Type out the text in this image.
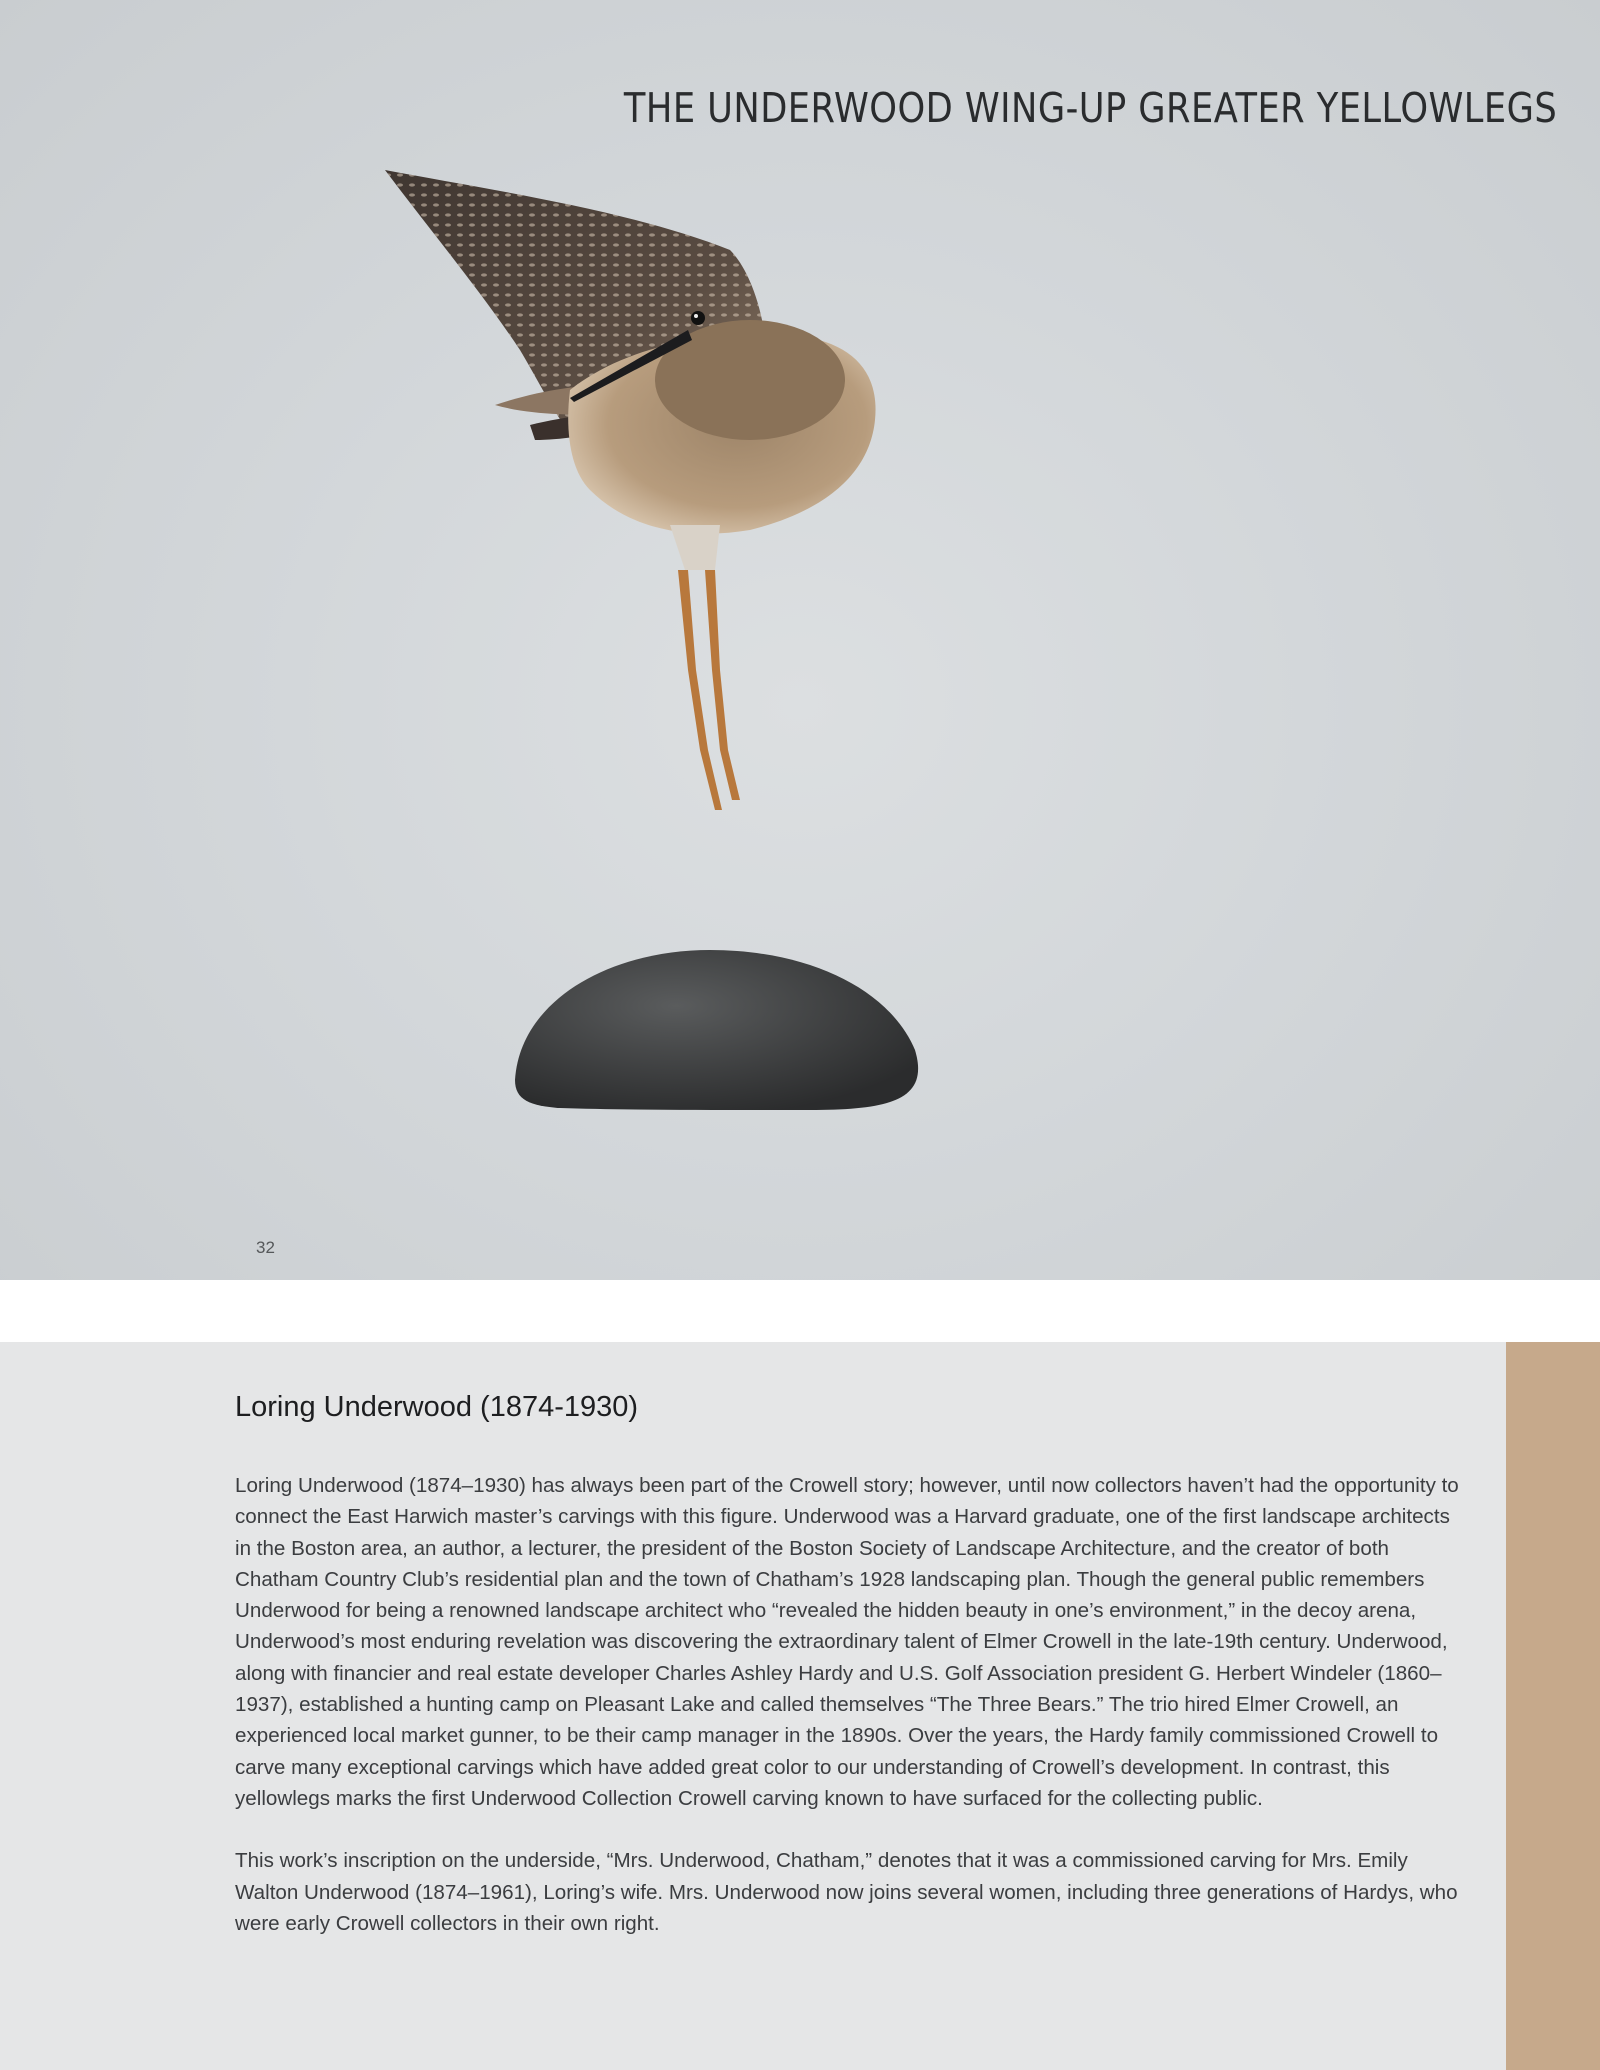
THE UNDERWOOD WING-UP GREATER YELLOWLEGS
32
Loring Underwood (1874-1930)

Loring Underwood (1874–1930) has always been part of the Crowell story; however, until now collectors haven’t had the opportunity to connect the East Harwich master’s carvings with this figure. Underwood was a Harvard graduate, one of the first landscape architects in the Boston area, an author, a lecturer, the president of the Boston Society of Landscape Architecture, and the creator of both Chatham Country Club’s residential plan and the town of Chatham’s 1928 landscaping plan. Though the general public remembers Underwood for being a renowned landscape architect who “revealed the hidden beauty in one’s environment,” in the decoy arena, Underwood’s most enduring revelation was discovering the extraordinary talent of Elmer Crowell in the late-19th century. Underwood, along with financier and real estate developer Charles Ashley Hardy and U.S. Golf Association president G. Herbert Windeler (1860–1937), established a hunting camp on Pleasant Lake and called themselves “The Three Bears.” The trio hired Elmer Crowell, an experienced local market gunner, to be their camp manager in the 1890s. Over the years, the Hardy family commissioned Crowell to carve many exceptional carvings which have added great color to our understanding of Crowell’s development. In contrast, this yellowlegs marks the first Underwood Collection Crowell carving known to have surfaced for the collecting public.

This work’s inscription on the underside, “Mrs. Underwood, Chatham,” denotes that it was a commissioned carving for Mrs. Emily Walton Underwood (1874–1961), Loring’s wife. Mrs. Underwood now joins several women, including three generations of Hardys, who were early Crowell collectors in their own right.
